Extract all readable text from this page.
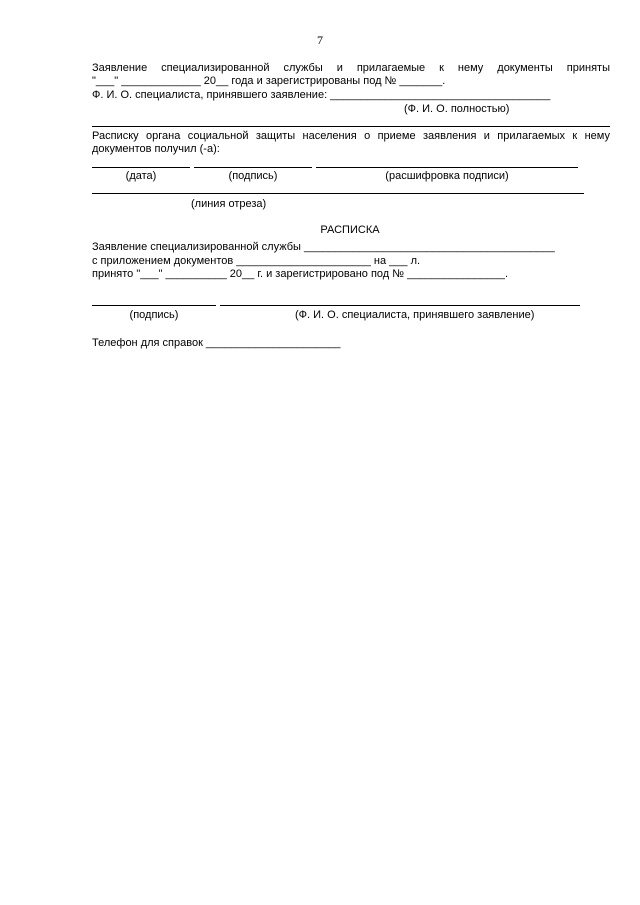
7
Заявление специализированной службы и прилагаемые к нему документы приняты
"___" _____________ 20__ года и зарегистрированы под № _______.
Ф. И. О. специалиста, принявшего заявление: ____________________________________
(Ф. И. О. полностью)
Расписку органа социальной защиты населения о приеме заявления и прилагаемых к нему
документов получил (-а):
(дата)	(подпись)	(расшифровка подписи)
(линия отреза)
РАСПИСКА
Заявление специализированной службы _________________________________________
с приложением документов ______________________ на ___ л.
принято "___" __________ 20__ г. и зарегистрировано под № ________________.
(подпись)	(Ф. И. О. специалиста, принявшего заявление)
Телефон для справок ______________________
